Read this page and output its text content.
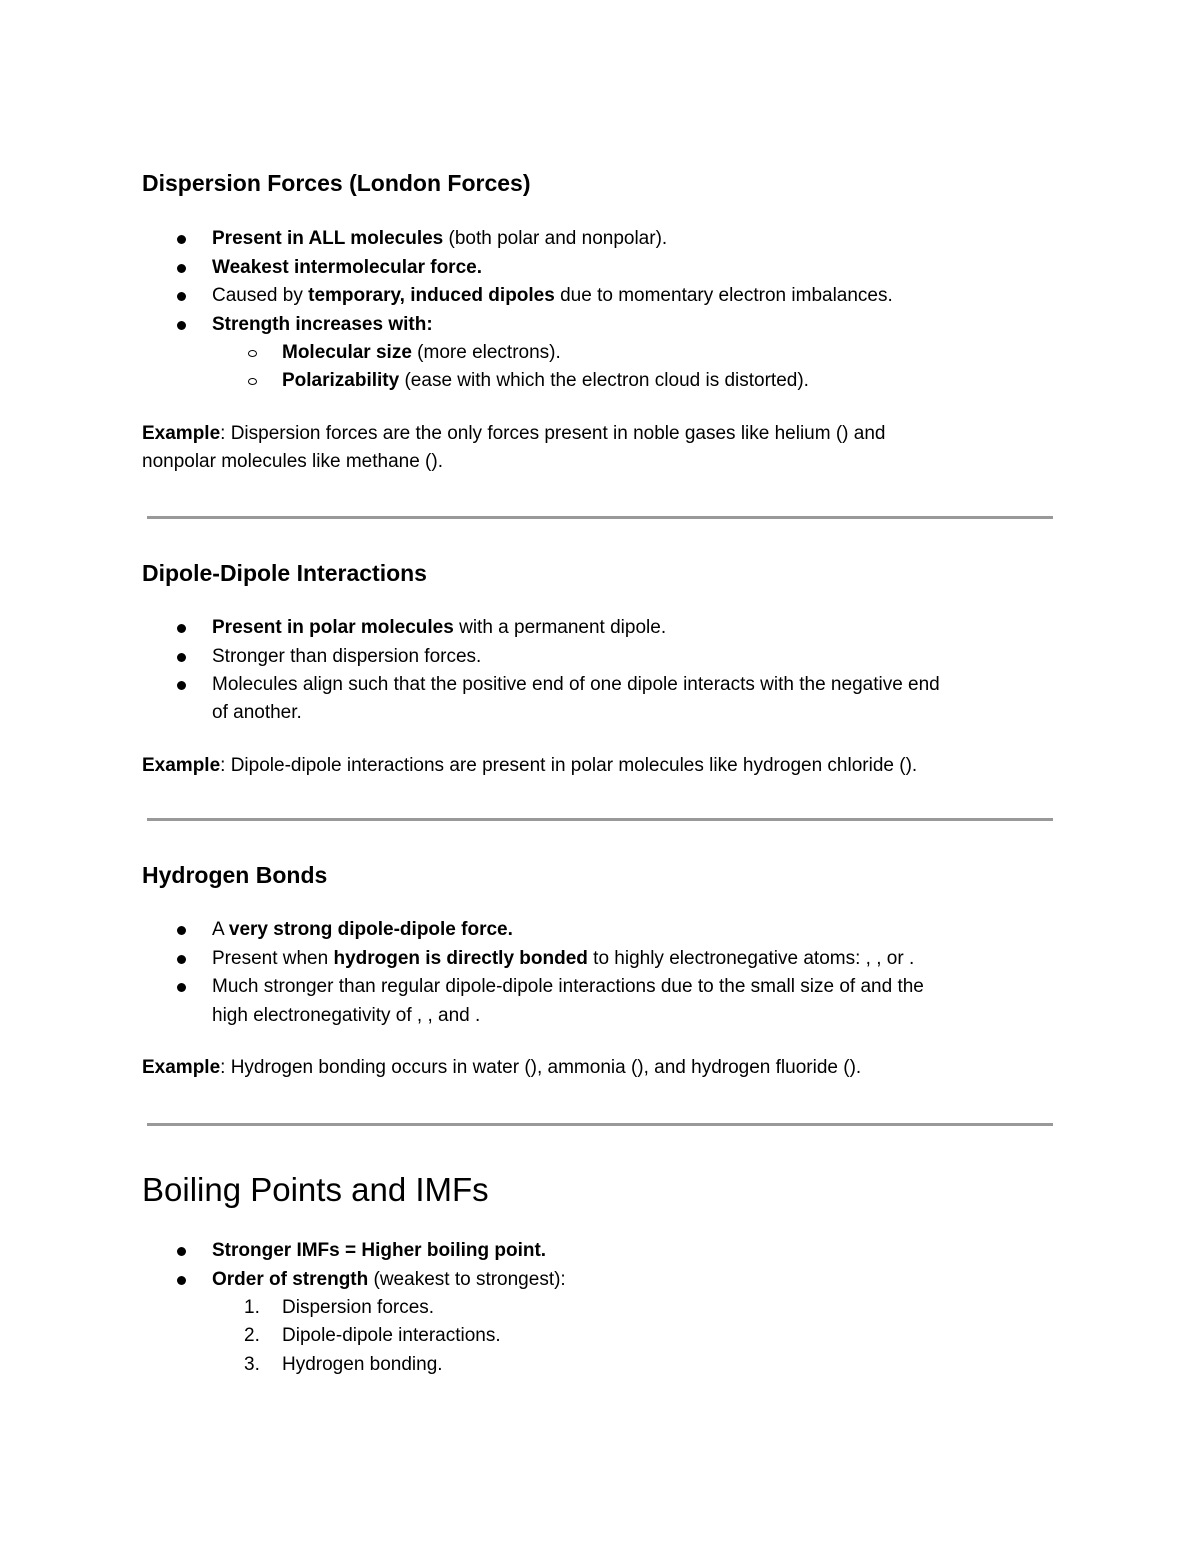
Dispersion Forces (London Forces)

Present in ALL molecules (both polar and nonpolar).

Weakest intermolecular force.

Caused by temporary, induced dipoles due to momentary electron imbalances.

Strength increases with:

Molecular size (more electrons).

Polarizability (ease with which the electron cloud is distorted).

Example: Dispersion forces are the only forces present in noble gases like helium () and

nonpolar molecules like methane ().

Dipole-Dipole Interactions

Present in polar molecules with a permanent dipole.

Stronger than dispersion forces.

Molecules align such that the positive end of one dipole interacts with the negative end

of another.

Example: Dipole-dipole interactions are present in polar molecules like hydrogen chloride ().

Hydrogen Bonds

A very strong dipole-dipole force.

Present when hydrogen is directly bonded to highly electronegative atoms: , , or .

Much stronger than regular dipole-dipole interactions due to the small size of and the

high electronegativity of , , and .

Example: Hydrogen bonding occurs in water (), ammonia (), and hydrogen fluoride ().

Boiling Points and IMFs

Stronger IMFs = Higher boiling point.

Order of strength (weakest to strongest):

1. Dispersion forces.

2. Dipole-dipole interactions.

3. Hydrogen bonding.
